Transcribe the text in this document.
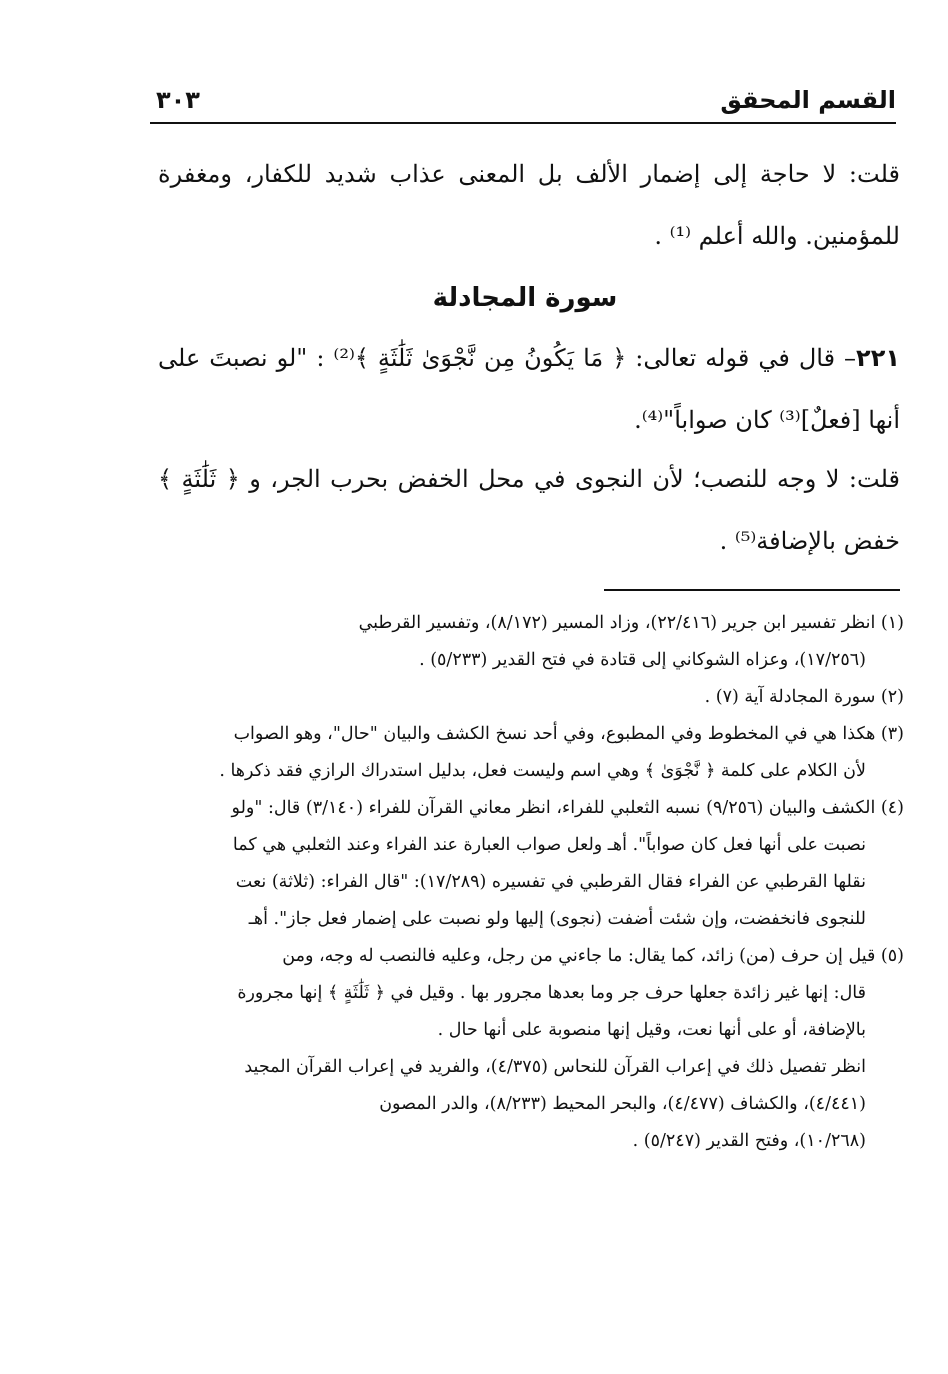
القسم المحقق
٣٠٣

قلت: لا حاجة إلى إضمار الألف بل المعنى عذاب شديد للكفار، ومغفرة للمؤمنين. والله أعلم ⁽¹⁾ .

سورة المجادلة

٢٢١– قال في قوله تعالى: ﴿ مَا يَكُونُ مِن نَّجْوَىٰ ثَلَٰثَةٍ ﴾⁽²⁾ : "لو نصبتَ على أنها [فعلٌ]⁽³⁾ كان صواباً"⁽⁴⁾.

قلت: لا وجه للنصب؛ لأن النجوى في محل الخفض بحرب الجر، و ﴿ ثَلَٰثَةٍ ﴾ خفض بالإضافة⁽⁵⁾ .

(١) انظر تفسير ابن جرير (٢٢/٤١٦)، وزاد المسير (٨/١٧٢)، وتفسير القرطبي
(١٧/٢٥٦)، وعزاه الشوكاني إلى قتادة في فتح القدير (٥/٢٣٣) .
(٢) سورة المجادلة آية (٧) .
(٣) هكذا هي في المخطوط وفي المطبوع، وفي أحد نسخ الكشف والبيان "حال"، وهو الصواب
لأن الكلام على كلمة ﴿ نَّجْوَىٰ ﴾ وهي اسم وليست فعل، بدليل استدراك الرازي فقد ذكرها .
(٤) الكشف والبيان (٩/٢٥٦) نسبه الثعلبي للفراء، انظر معاني القرآن للفراء (٣/١٤٠) قال: "ولو
نصبت على أنها فعل كان صواباً". أهـ ولعل صواب العبارة عند الفراء وعند الثعلبي هي كما
نقلها القرطبي عن الفراء فقال القرطبي في تفسيره (١٧/٢٨٩): "قال الفراء: (ثلاثة) نعت
للنجوى فانخفضت، وإن شئت أضفت (نجوى) إليها ولو نصبت على إضمار فعل جاز". أهـ
(٥) قيل إن حرف (من) زائد، كما يقال: ما جاءني من رجل، وعليه فالنصب له وجه، ومن
قال: إنها غير زائدة جعلها حرف جر وما بعدها مجرور بها . وقيل في ﴿ ثَلَٰثَةٍ ﴾ إنها مجرورة
بالإضافة، أو على أنها نعت، وقيل إنها منصوبة على أنها حال .
انظر تفصيل ذلك في إعراب القرآن للنحاس (٤/٣٧٥)، والفريد في إعراب القرآن المجيد
(٤/٤٤١)، والكشاف (٤/٤٧٧)، والبحر المحيط (٨/٢٣٣)، والدر المصون
(١٠/٢٦٨)، وفتح القدير (٥/٢٤٧) .
